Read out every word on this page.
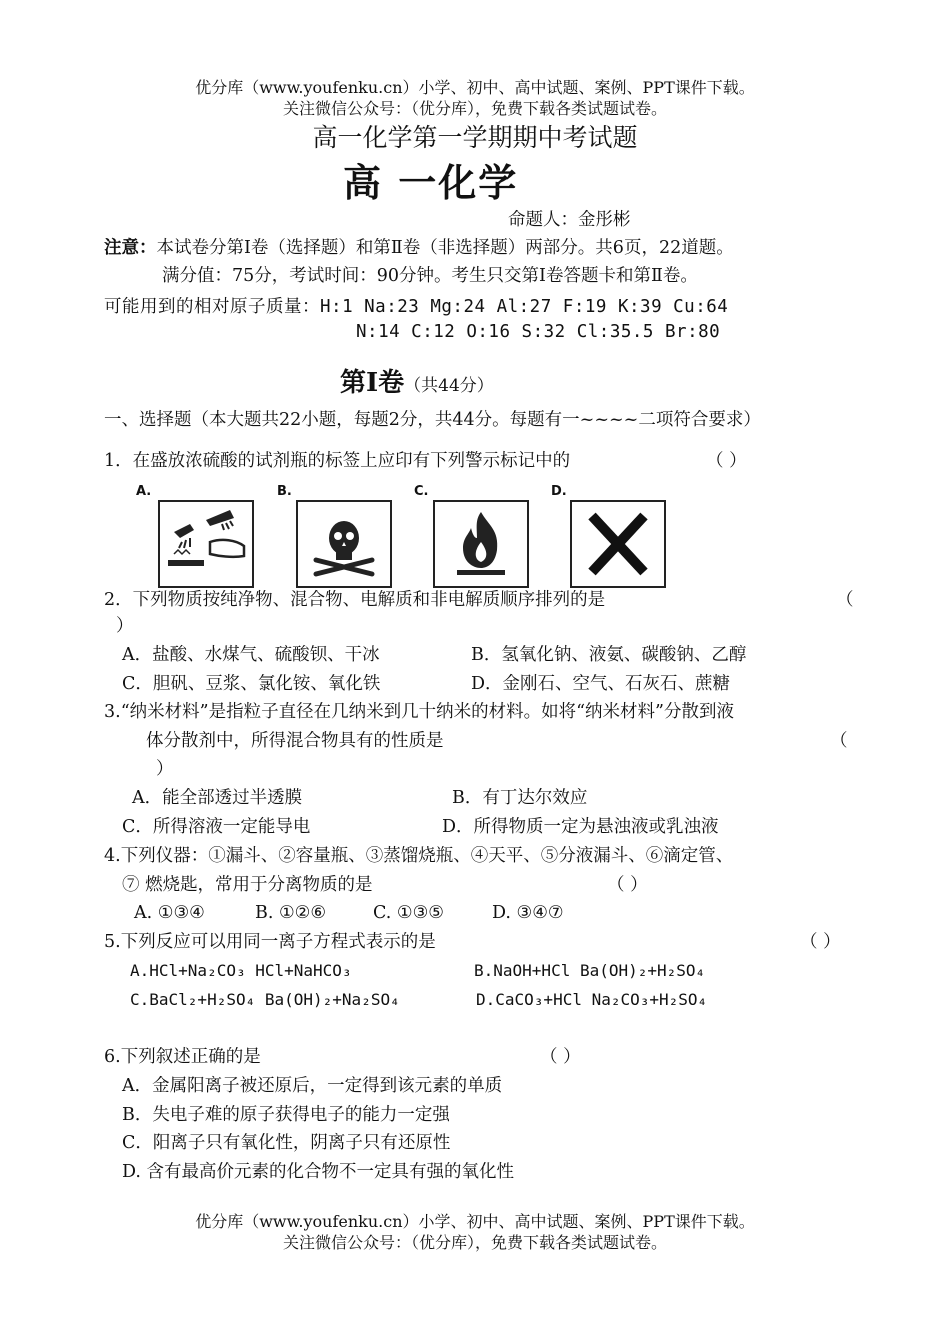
优分库（www.youfenku.cn）小学、初中、高中试题、案例、PPT课件下载。
关注微信公众号：（优分库），免费下载各类试题试卷。
高一化学第一学期期中考试题
高 一化学
命题人：金彤彬
注意：本试卷分第Ⅰ卷（选择题）和第Ⅱ卷（非选择题）两部分。共6页，22道题。
满分值：75分，考试时间：90分钟。考生只交第Ⅰ卷答题卡和第Ⅱ卷。
可能用到的相对原子质量：H:1 Na:23 Mg:24 Al:27 F:19 K:39 Cu:64
N:14 C:12 O:16 S:32 Cl:35.5 Br:80
第Ⅰ卷（共44分）
一、选择题（本大题共22小题，每题2分，共44分。每题有一~~~~二项符合要求）
1．在盛放浓硫酸的试剂瓶的标签上应印有下列警示标记中的	（ ）
A.	B.	C.	D.
2．下列物质按纯净物、混合物、电解质和非电解质顺序排列的是	（
）
A．盐酸、水煤气、硫酸钡、干冰	B．氢氧化钠、液氨、碳酸钠、乙醇
C．胆矾、豆浆、氯化铵、氧化铁	D．金刚石、空气、石灰石、蔗糖
3.“纳米材料”是指粒子直径在几纳米到几十纳米的材料。如将“纳米材料”分散到液
体分散剂中，所得混合物具有的性质是	（
）
A．能全部透过半透膜	B．有丁达尔效应
C．所得溶液一定能导电	D．所得物质一定为悬浊液或乳浊液
4.下列仪器：①漏斗、②容量瓶、③蒸馏烧瓶、④天平、⑤分液漏斗、⑥滴定管、
⑦ 燃烧匙，常用于分离物质的是	（ ）
A. ①③④	B. ①②⑥	C. ①③⑤	D. ③④⑦
5.下列反应可以用同一离子方程式表示的是	（ ）
A.HCl+Na₂CO₃ HCl+NaHCO₃	B.NaOH+HCl Ba(OH)₂+H₂SO₄
C.BaCl₂+H₂SO₄ Ba(OH)₂+Na₂SO₄	D.CaCO₃+HCl Na₂CO₃+H₂SO₄
6.下列叙述正确的是	（ ）
A．金属阳离子被还原后，一定得到该元素的单质
B．失电子难的原子获得电子的能力一定强
C．阳离子只有氧化性，阴离子只有还原性
D. 含有最高价元素的化合物不一定具有强的氧化性
优分库（www.youfenku.cn）小学、初中、高中试题、案例、PPT课件下载。
关注微信公众号：（优分库），免费下载各类试题试卷。
